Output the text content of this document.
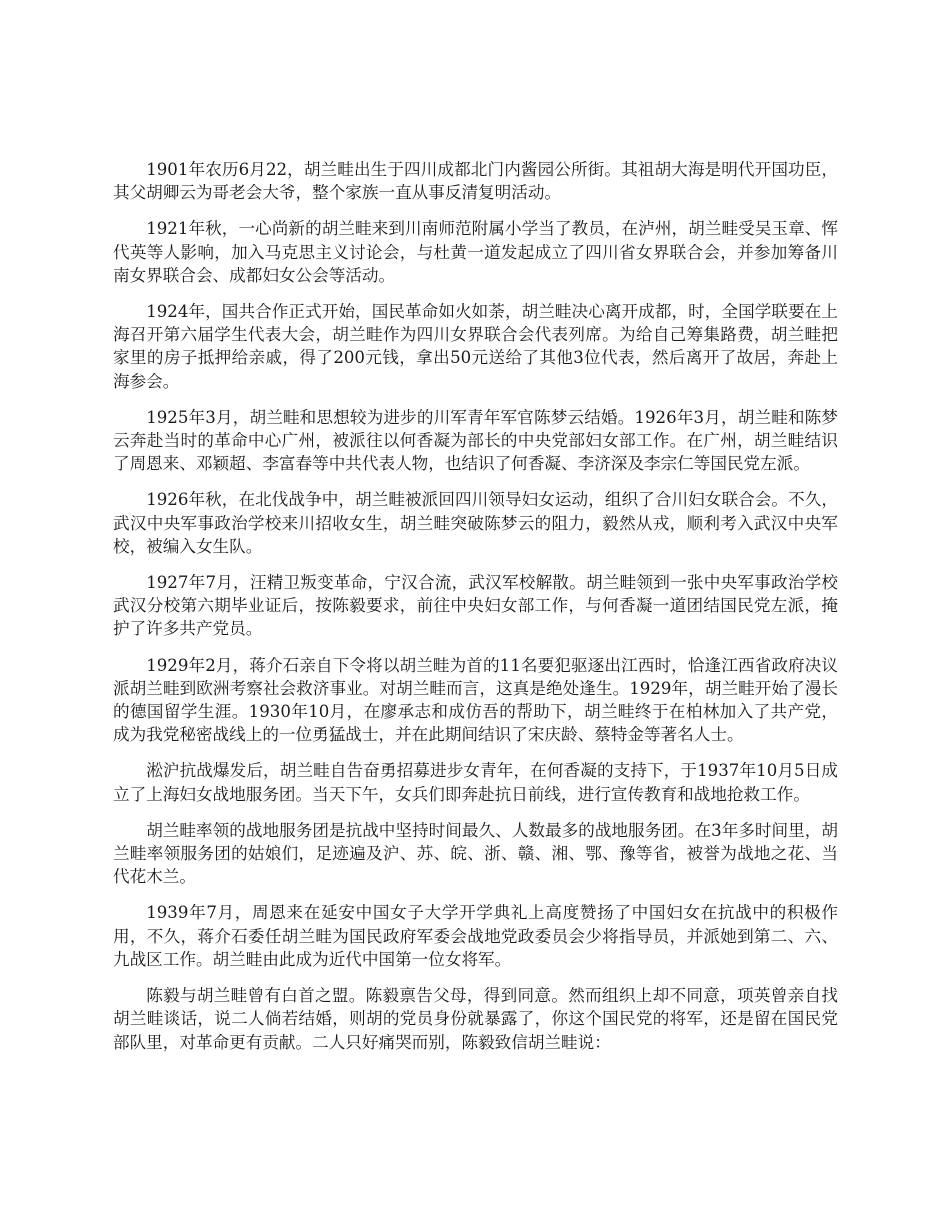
1901年农历6月22，胡兰畦出生于四川成都北门内酱园公所街。其祖胡大海是明代开国功臣，其父胡卿云为哥老会大爷，整个家族一直从事反清复明活动。

1921年秋，一心尚新的胡兰畦来到川南师范附属小学当了教员，在泸州，胡兰畦受吴玉章、恽代英等人影响，加入马克思主义讨论会，与杜黄一道发起成立了四川省女界联合会，并参加筹备川南女界联合会、成都妇女公会等活动。

1924年，国共合作正式开始，国民革命如火如荼，胡兰畦决心离开成都，时，全国学联要在上海召开第六届学生代表大会，胡兰畦作为四川女界联合会代表列席。为给自己筹集路费，胡兰畦把家里的房子抵押给亲戚，得了200元钱，拿出50元送给了其他3位代表，然后离开了故居，奔赴上海参会。

1925年3月，胡兰畦和思想较为进步的川军青年军官陈梦云结婚。1926年3月，胡兰畦和陈梦云奔赴当时的革命中心广州，被派往以何香凝为部长的中央党部妇女部工作。在广州，胡兰畦结识了周恩来、邓颖超、李富春等中共代表人物，也结识了何香凝、李济深及李宗仁等国民党左派。

1926年秋，在北伐战争中，胡兰畦被派回四川领导妇女运动，组织了合川妇女联合会。不久，武汉中央军事政治学校来川招收女生，胡兰畦突破陈梦云的阻力，毅然从戎，顺利考入武汉中央军校，被编入女生队。

1927年7月，汪精卫叛变革命，宁汉合流，武汉军校解散。胡兰畦领到一张中央军事政治学校武汉分校第六期毕业证后，按陈毅要求，前往中央妇女部工作，与何香凝一道团结国民党左派，掩护了许多共产党员。

1929年2月，蒋介石亲自下令将以胡兰畦为首的11名要犯驱逐出江西时，恰逢江西省政府决议派胡兰畦到欧洲考察社会救济事业。对胡兰畦而言，这真是绝处逢生。1929年，胡兰畦开始了漫长的德国留学生涯。1930年10月，在廖承志和成仿吾的帮助下，胡兰畦终于在柏林加入了共产党，成为我党秘密战线上的一位勇猛战士，并在此期间结识了宋庆龄、蔡特金等著名人士。

淞沪抗战爆发后，胡兰畦自告奋勇招募进步女青年，在何香凝的支持下，于1937年10月5日成立了上海妇女战地服务团。当天下午，女兵们即奔赴抗日前线，进行宣传教育和战地抢救工作。

胡兰畦率领的战地服务团是抗战中坚持时间最久、人数最多的战地服务团。在3年多时间里，胡兰畦率领服务团的姑娘们，足迹遍及沪、苏、皖、浙、赣、湘、鄂、豫等省，被誉为战地之花、当代花木兰。

1939年7月，周恩来在延安中国女子大学开学典礼上高度赞扬了中国妇女在抗战中的积极作用，不久，蒋介石委任胡兰畦为国民政府军委会战地党政委员会少将指导员，并派她到第二、六、九战区工作。胡兰畦由此成为近代中国第一位女将军。

陈毅与胡兰畦曾有白首之盟。陈毅禀告父母，得到同意。然而组织上却不同意，项英曾亲自找胡兰畦谈话，说二人倘若结婚，则胡的党员身份就暴露了，你这个国民党的将军，还是留在国民党部队里，对革命更有贡献。二人只好痛哭而别，陈毅致信胡兰畦说：
